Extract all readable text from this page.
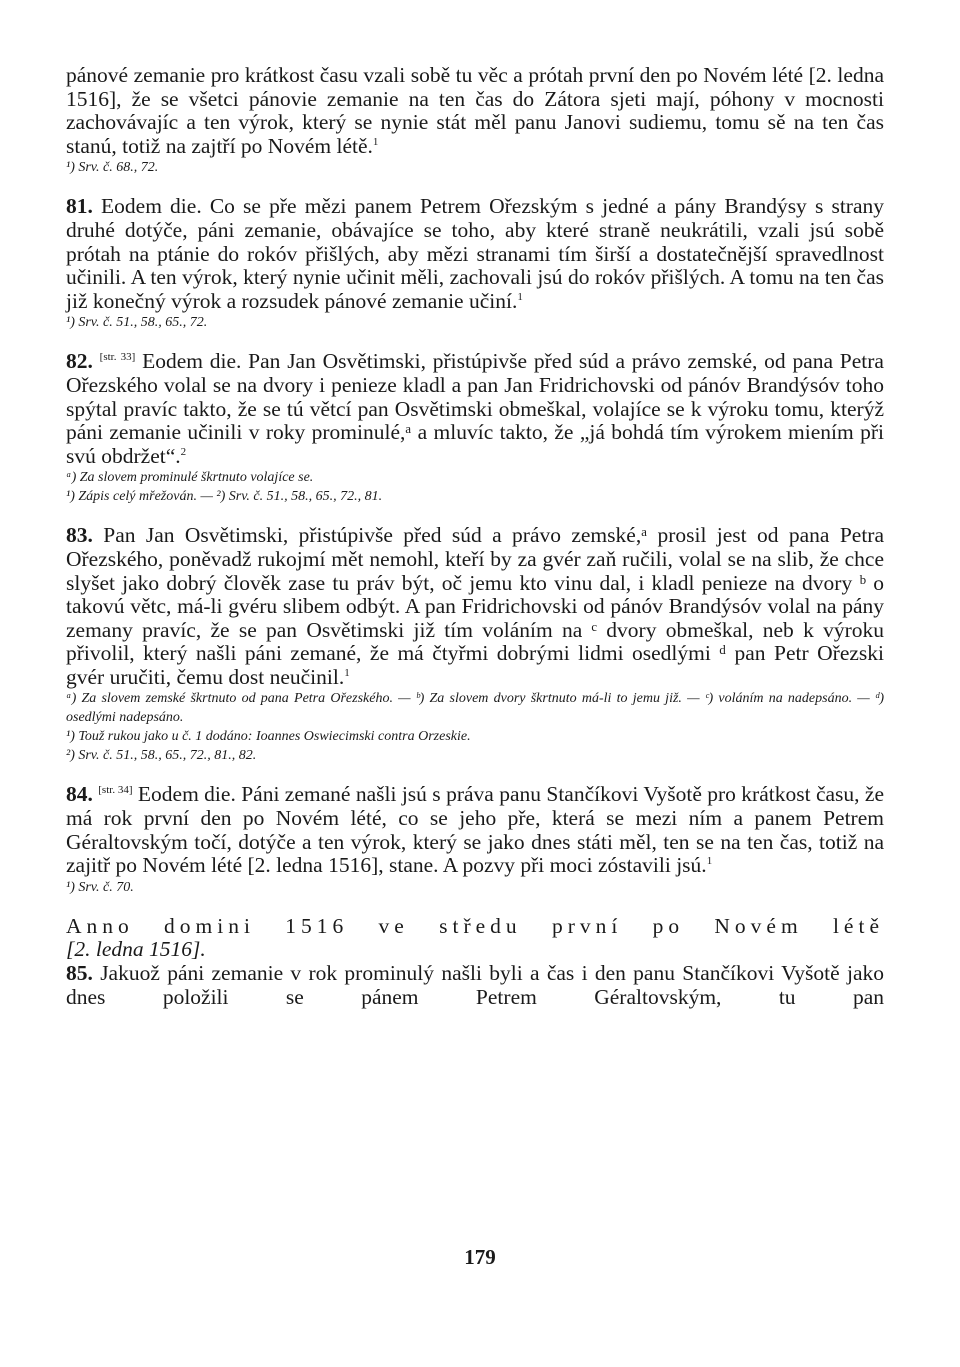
pánové zemanie pro krátkost času vzali sobě tu věc a prótah první den po Novém lété [2. ledna 1516], že se všetci pánovie zemanie na ten čas do Zátora sjeti mají, póhony v mocnosti zachovávajíc a ten výrok, který se nynie stát měl panu Janovi sudiemu, tomu sě na ten čas stanú, totiž na zajtří po Novém létě.$^1$

¹) Srv. č. 68., 72.

81. Eodem die. Co se pře mězi panem Petrem Ořezským s jedné a pány Brandýsy s strany druhé dotýče, páni zemanie, obávajíce se toho, aby které straně neukrátili, vzali jsú sobě prótah na ptánie do rokóv přišlých, aby mězi stranami tím širší a dostatečnější spravedlnost učinili. A ten výrok, který nynie učinit měli, zachovali jsú do rokóv přišlých. A tomu na ten čas již konečný výrok a rozsudek pánové zemanie učiní.$^1$

¹) Srv. č. 51., 58., 65., 72.

82. [str. 33] Eodem die. Pan Jan Osvětimski, přistúpivše před súd a právo zemské, od pana Petra Ořezského volal se na dvory i penieze kladl a pan Jan Fridrichovski od pánóv Brandýsóv toho spýtal pravíc takto, že se tú větcí pan Osvětimski obmeškal, volajíce se k výroku tomu, kterýž páni zemanie učinili v roky prominulé,ᵃ a mluvíc takto, že „já bohdá tím výrokem miením při svú obdržet“.$^2$

ᵃ) Za slovem prominulé škrtnuto volajíce se.

¹) Zápis celý mřežován. — ²) Srv. č. 51., 58., 65., 72., 81.

83. Pan Jan Osvětimski, přistúpivše před súd a právo zemské,ᵃ prosil jest od pana Petra Ořezského, poněvadž rukojmí mět nemohl, kteří by za gvér zaň ručili, volal se na slib, že chce slyšet jako dobrý člověk zase tu práv být, oč jemu kto vinu dal, i kladl penieze na dvory ᵇ o takovú větc, má-li gvéru slibem odbýt. A pan Fridrichovski od pánóv Brandýsóv volal na pány zemany pravíc, že se pan Osvětimski již tím voláním na ᶜ dvory obmeškal, neb k výroku přivolil, který našli páni zemané, že má čtyřmi dobrými lidmi osedlými ᵈ pan Petr Ořezski gvér uručiti, čemu dost neučinil.$^1$

ᵃ) Za slovem zemské škrtnuto od pana Petra Ořezského. — ᵇ) Za slovem dvory škrtnuto má-li to jemu již. — ᶜ) voláním na nadepsáno. — ᵈ) osedlými nadepsáno.

¹) Touž rukou jako u č. 1 dodáno: Ioannes Oswiecimski contra Orzeskie.

²) Srv. č. 51., 58., 65., 72., 81., 82.

84. [str. 34] Eodem die. Páni zemané našli jsú s práva panu Stančíkovi Vyšotě pro krátkost času, že má rok první den po Novém lété, co se jeho pře, která se mezi ním a panem Petrem Géraltovským točí, dotýče a ten výrok, který se jako dnes státi měl, ten se na ten čas, totiž na zajitř po Novém lété [2. ledna 1516], stane. A pozvy při moci zóstavili jsú.$^1$

¹) Srv. č. 70.

Anno domini 1516 ve středu první po Novém létě

[2. ledna 1516].

85. Jakuož páni zemanie v rok prominulý našli byli a čas i den panu Stančíkovi Vyšotě jako dnes položili se pánem Petrem Géraltovským, tu pan

179
